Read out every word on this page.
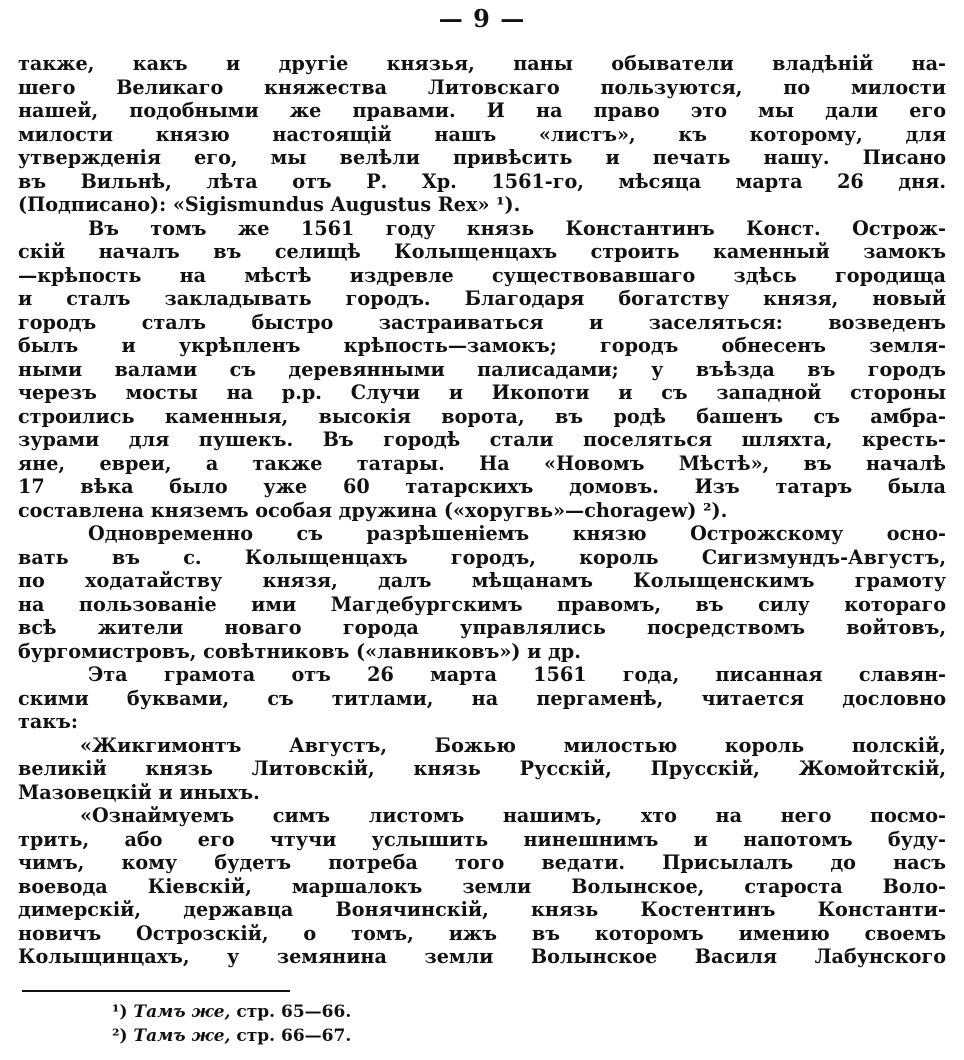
— 9 —
также, какъ и другіе князья, паны обыватели владѣній на-
шего Великаго княжества Литовскаго пользуются, по милости
нашей, подобными же правами. И на право это мы дали его
милости князю настоящій нашъ «листъ», къ которому, для
утвержденія его, мы велѣли привѣсить и печать нашу. Писано
въ Вильнѣ, лѣта отъ Р. Хр. 1561-го, мѣсяца марта 26 дня.
(Подписано): «Sigismundus Augustus Rex» ¹).
Въ томъ же 1561 году князь Константинъ Конст. Острож-
скій началъ въ селищѣ Колыщенцахъ строить каменный замокъ
—крѣпость на мѣстѣ издревле существовавшаго здѣсь городища
и сталъ закладывать городъ. Благодаря богатству князя, новый
городъ сталъ быстро застраиваться и заселяться: возведенъ
былъ и укрѣпленъ крѣпость—замокъ; городъ обнесенъ земля-
ными валами съ деревянными палисадами; у въѣзда въ городъ
черезъ мосты на р.р. Случи и Икопоти и съ западной стороны
строились каменныя, высокія ворота, въ родѣ башенъ съ амбра-
зурами для пушекъ. Въ городѣ стали поселяться шляхта, кресть-
яне, евреи, а также татары. На «Новомъ Мѣстѣ», въ началѣ
17 вѣка было уже 60 татарскихъ домовъ. Изъ татаръ была
составлена княземъ особая дружина («хоругвь»—choragew) ²).
Одновременно съ разрѣшеніемъ князю Острожскому осно-
вать въ с. Колыщенцахъ городъ, король Сигизмундъ-Августъ,
по ходатайству князя, далъ мѣщанамъ Колыщенскимъ грамоту
на пользованіе ими Магдебургскимъ правомъ, въ силу котораго
всѣ жители новаго города управлялись посредствомъ войтовъ,
бургомистровъ, совѣтниковъ («лавниковъ») и др.
Эта грамота отъ 26 марта 1561 года, писанная славян-
скими буквами, съ титлами, на пергаменѣ, читается дословно
такъ:
«Жикгимонтъ Августъ, Божью милостью король полскій,
великій князь Литовскій, князь Русскій, Прусскій, Жомойтскій,
Мазовецкій и иныхъ.
«Ознаймуемъ симъ листомъ нашимъ, хто на него посмо-
трить, або его чтучи услышить нинешнимъ и напотомъ буду-
чимъ, кому будетъ потреба того ведати. Присылалъ до насъ
воевода Кіевскій, маршалокъ земли Волынское, староста Воло-
димерскій, державца Вонячинскій, князь Костентинъ Константи-
новичъ Острозскій, о томъ, ижъ въ которомъ имению своемъ
Колыщинцахъ, у земянина земли Волынское Василя Лабунского
¹) Тамъ же, стр. 65—66.
²) Тамъ же, стр. 66—67.
